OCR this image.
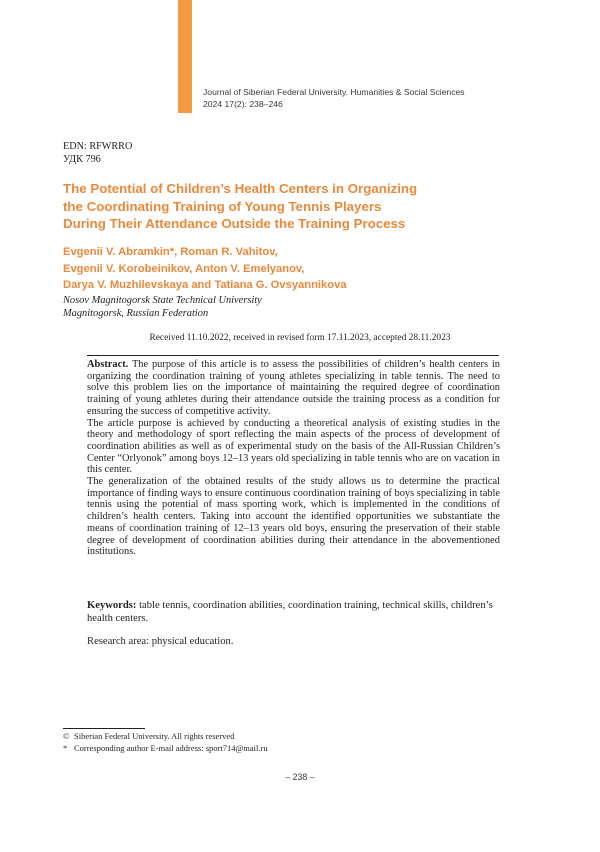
Journal of Siberian Federal University. Humanities & Social Sciences
2024 17(2): 238–246
EDN: RFWRRO
УДК 796
The Potential of Children’s Health Centers in Organizing
the Coordinating Training of Young Tennis Players
During Their Attendance Outside the Training Process
Evgenii V. Abramkin*, Roman R. Vahitov,
Evgenii V. Korobeinikov, Anton V. Emelyanov,
Darya V. Muzhilevskaya and Tatiana G. Ovsyannikova
Nosov Magnitogorsk State Technical University
Magnitogorsk, Russian Federation
Received 11.10.2022, received in revised form 17.11.2023, accepted 28.11.2023

Abstract. The purpose of this article is to assess the possibilities of children’s health centers in organizing the coordination training of young athletes specializing in table tennis. The need to solve this problem lies on the importance of maintaining the required degree of coordination training of young athletes during their attendance outside the training process as a condition for ensuring the success of competitive activity.

The article purpose is achieved by conducting a theoretical analysis of existing studies in the theory and methodology of sport reflecting the main aspects of the process of development of coordination abilities as well as of experimental study on the basis of the All-Russian Children’s Center “Orlyonok” among boys 12–13 years old specializing in table tennis who are on vacation in this center.

The generalization of the obtained results of the study allows us to determine the practical importance of finding ways to ensure continuous coordination training of boys specializing in table tennis using the potential of mass sporting work, which is implemented in the conditions of children’s health centers. Taking into account the identified opportunities we substantiate the means of coordination training of 12–13 years old boys, ensuring the preservation of their stable degree of development of coordination abilities during their attendance in the abovementioned institutions.

Keywords: table tennis, coordination abilities, coordination training, technical skills, children’s health centers.

Research area: physical education.
© Siberian Federal University. All rights reserved
* Corresponding author E-mail address: sport714@mail.ru
– 238 –
